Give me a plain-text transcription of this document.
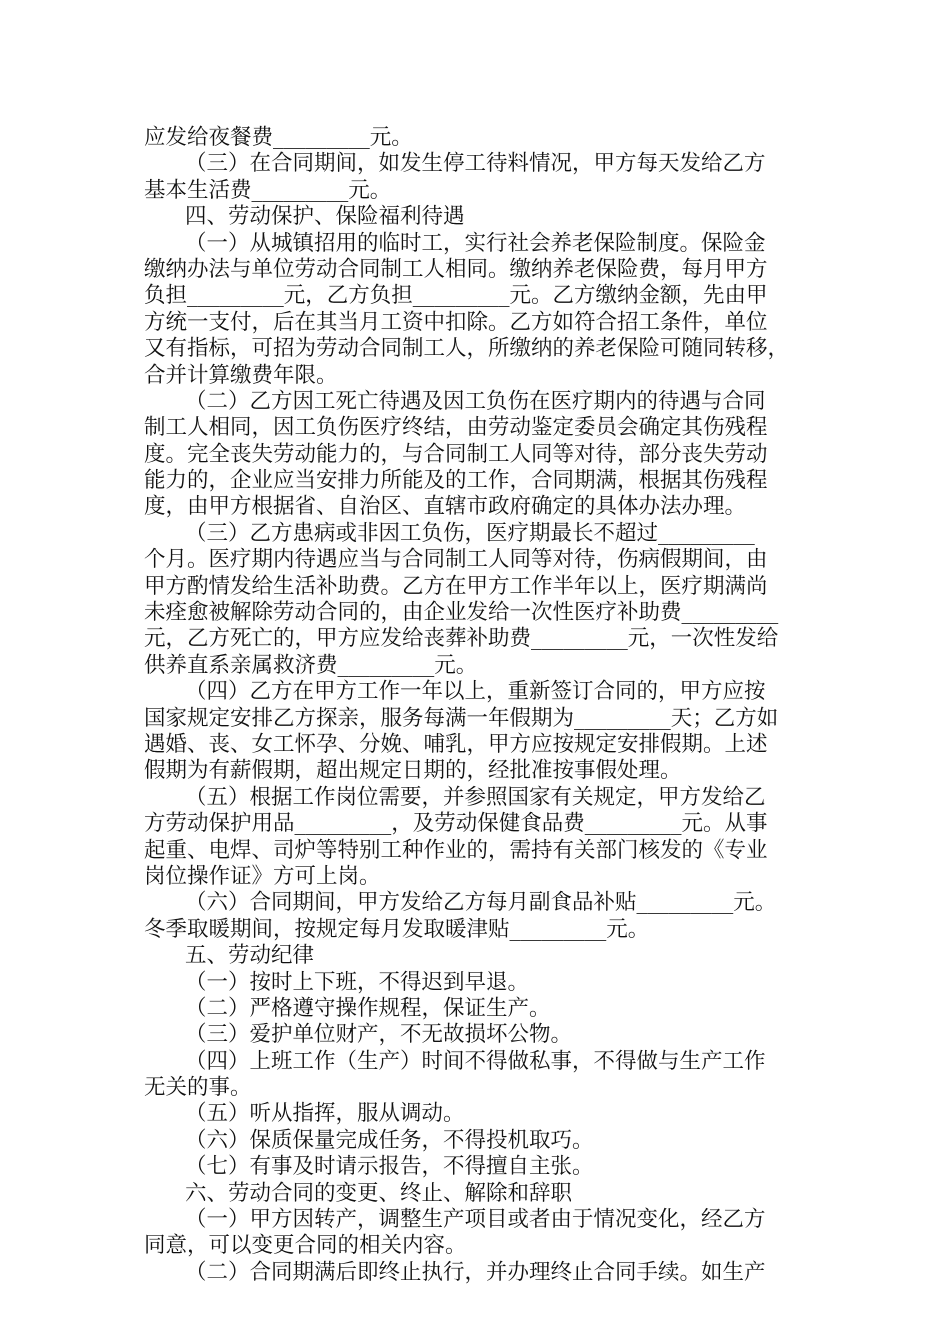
应发给夜餐费_________元。
（三）在合同期间，如发生停工待料情况，甲方每天发给乙方
基本生活费_________元。
四、劳动保护、保险福利待遇
（一）从城镇招用的临时工，实行社会养老保险制度。保险金
缴纳办法与单位劳动合同制工人相同。缴纳养老保险费，每月甲方
负担_________元，乙方负担_________元。乙方缴纳金额，先由甲
方统一支付，后在其当月工资中扣除。乙方如符合招工条件，单位
又有指标，可招为劳动合同制工人，所缴纳的养老保险可随同转移，
合并计算缴费年限。
（二）乙方因工死亡待遇及因工负伤在医疗期内的待遇与合同
制工人相同，因工负伤医疗终结，由劳动鉴定委员会确定其伤残程
度。完全丧失劳动能力的，与合同制工人同等对待，部分丧失劳动
能力的，企业应当安排力所能及的工作，合同期满，根据其伤残程
度，由甲方根据省、自治区、直辖市政府确定的具体办法办理。
（三）乙方患病或非因工负伤，医疗期最长不超过_________
个月。医疗期内待遇应当与合同制工人同等对待，伤病假期间，由
甲方酌情发给生活补助费。乙方在甲方工作半年以上，医疗期满尚
未痊愈被解除劳动合同的，由企业发给一次性医疗补助费_________
元，乙方死亡的，甲方应发给丧葬补助费_________元，一次性发给
供养直系亲属救济费_________元。
（四）乙方在甲方工作一年以上，重新签订合同的，甲方应按
国家规定安排乙方探亲，服务每满一年假期为_________天；乙方如
遇婚、丧、女工怀孕、分娩、哺乳，甲方应按规定安排假期。上述
假期为有薪假期，超出规定日期的，经批准按事假处理。
（五）根据工作岗位需要，并参照国家有关规定，甲方发给乙
方劳动保护用品_________，及劳动保健食品费_________元。从事
起重、电焊、司炉等特别工种作业的，需持有关部门核发的《专业
岗位操作证》方可上岗。
（六）合同期间，甲方发给乙方每月副食品补贴_________元。
冬季取暖期间，按规定每月发取暖津贴_________元。
五、劳动纪律
（一）按时上下班，不得迟到早退。
（二）严格遵守操作规程，保证生产。
（三）爱护单位财产，不无故损坏公物。
（四）上班工作（生产）时间不得做私事，不得做与生产工作
无关的事。
（五）听从指挥，服从调动。
（六）保质保量完成任务，不得投机取巧。
（七）有事及时请示报告，不得擅自主张。
六、劳动合同的变更、终止、解除和辞职
（一）甲方因转产，调整生产项目或者由于情况变化，经乙方
同意，可以变更合同的相关内容。
（二）合同期满后即终止执行，并办理终止合同手续。如生产
